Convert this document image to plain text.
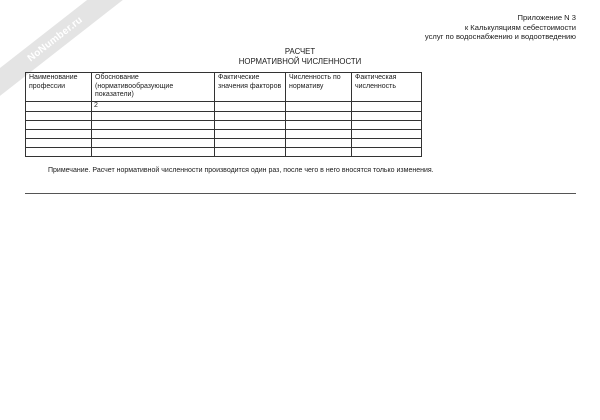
NoNumber.ru	Приложение N 3
к Калькуляциям себестоимости
услуг по водоснабжению и водоотведению
РАСЧЕТ
НОРМАТИВНОЙ ЧИСЛЕННОСТИ
Наименование профессии	Обоснование (нормативообразующие показатели)	Фактические значения факторов	Численность по нормативу	Фактическая численность
	2			

Примечание. Расчет нормативной численности производится один раз, после чего в него вносятся только изменения.
